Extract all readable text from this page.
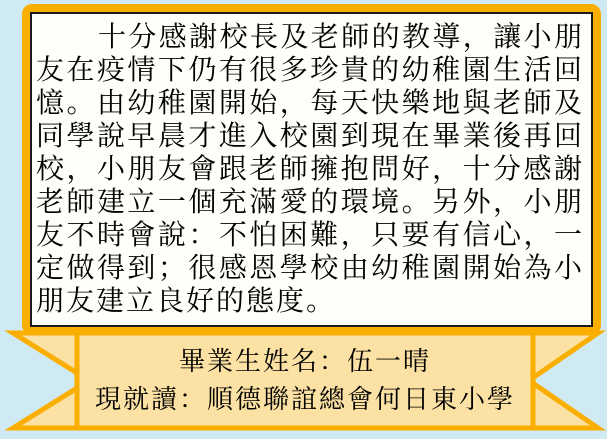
十分感謝校長及老師的教導，讓小朋友在疫情下仍有很多珍貴的幼稚園生活回憶。由幼稚園開始，每天快樂地與老師及同學說早晨才進入校園到現在畢業後再回校，小朋友會跟老師擁抱問好，十分感謝老師建立一個充滿愛的環境。另外，小朋友不時會說：不怕困難，只要有信心，一定做得到；很感恩學校由幼稚園開始為小朋友建立良好的態度。

畢業生姓名：伍一晴
現就讀：順德聯誼總會何日東小學
